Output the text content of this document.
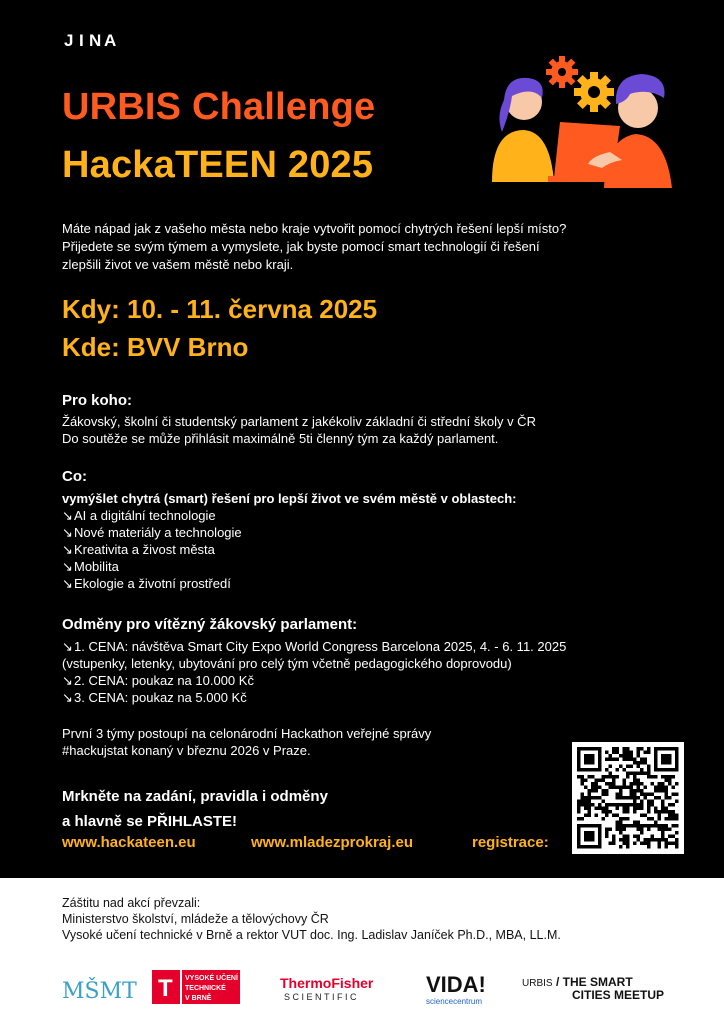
J I N A
URBIS Challenge
HackaTEEN 2025
Máte nápad jak z vašeho města nebo kraje vytvořit pomocí chytrých řešení lepší místo?
Přijedete se svým týmem a vymyslete, jak byste pomocí smart technologií či řešení
zlepšili život ve vašem městě nebo kraji.
Kdy: 10. - 11. června 2025
Kde: BVV Brno
Pro koho:
Žákovský, školní či studentský parlament z jakékoliv základní či střední školy v ČR
Do soutěže se může přihlásit maximálně 5ti členný tým za každý parlament.
Co:
vymýšlet chytrá (smart) řešení pro lepší život ve svém městě v oblastech:
↘AI a digitální technologie
↘Nové materiály a technologie
↘Kreativita a živost města
↘Mobilita
↘Ekologie a životní prostředí
Odměny pro vítězný žákovský parlament:
↘1. CENA: návštěva Smart City Expo World Congress Barcelona 2025, 4. - 6. 11. 2025
(vstupenky, letenky, ubytování pro celý tým včetně pedagogického doprovodu)
↘2. CENA: poukaz na 10.000 Kč
↘3. CENA: poukaz na 5.000 Kč
První 3 týmy postoupí na celonárodní Hackathon veřejné správy
#hackujstat konaný v březnu 2026 v Praze.
Mrkněte na zadání, pravidla i odměny
a hlavně se PŘIHLASTE!
www.hackateen.eu	www.mladezprokraj.eu	registrace:
Záštitu nad akcí převzali:
Ministerstvo školství, mládeže a tělovýchovy ČR
Vysoké učení technické v Brně a rektor VUT doc. Ing. Ladislav Janíček Ph.D., MBA, LL.M.
MŠMT T VYSOKÉ UČENÍ
TECHNICKÉ
V BRNĚ
ThermoFisher
SCIENTIFIC	VIDA!
sciencecentrum
URBIS / THE SMART
CITIES MEETUP
